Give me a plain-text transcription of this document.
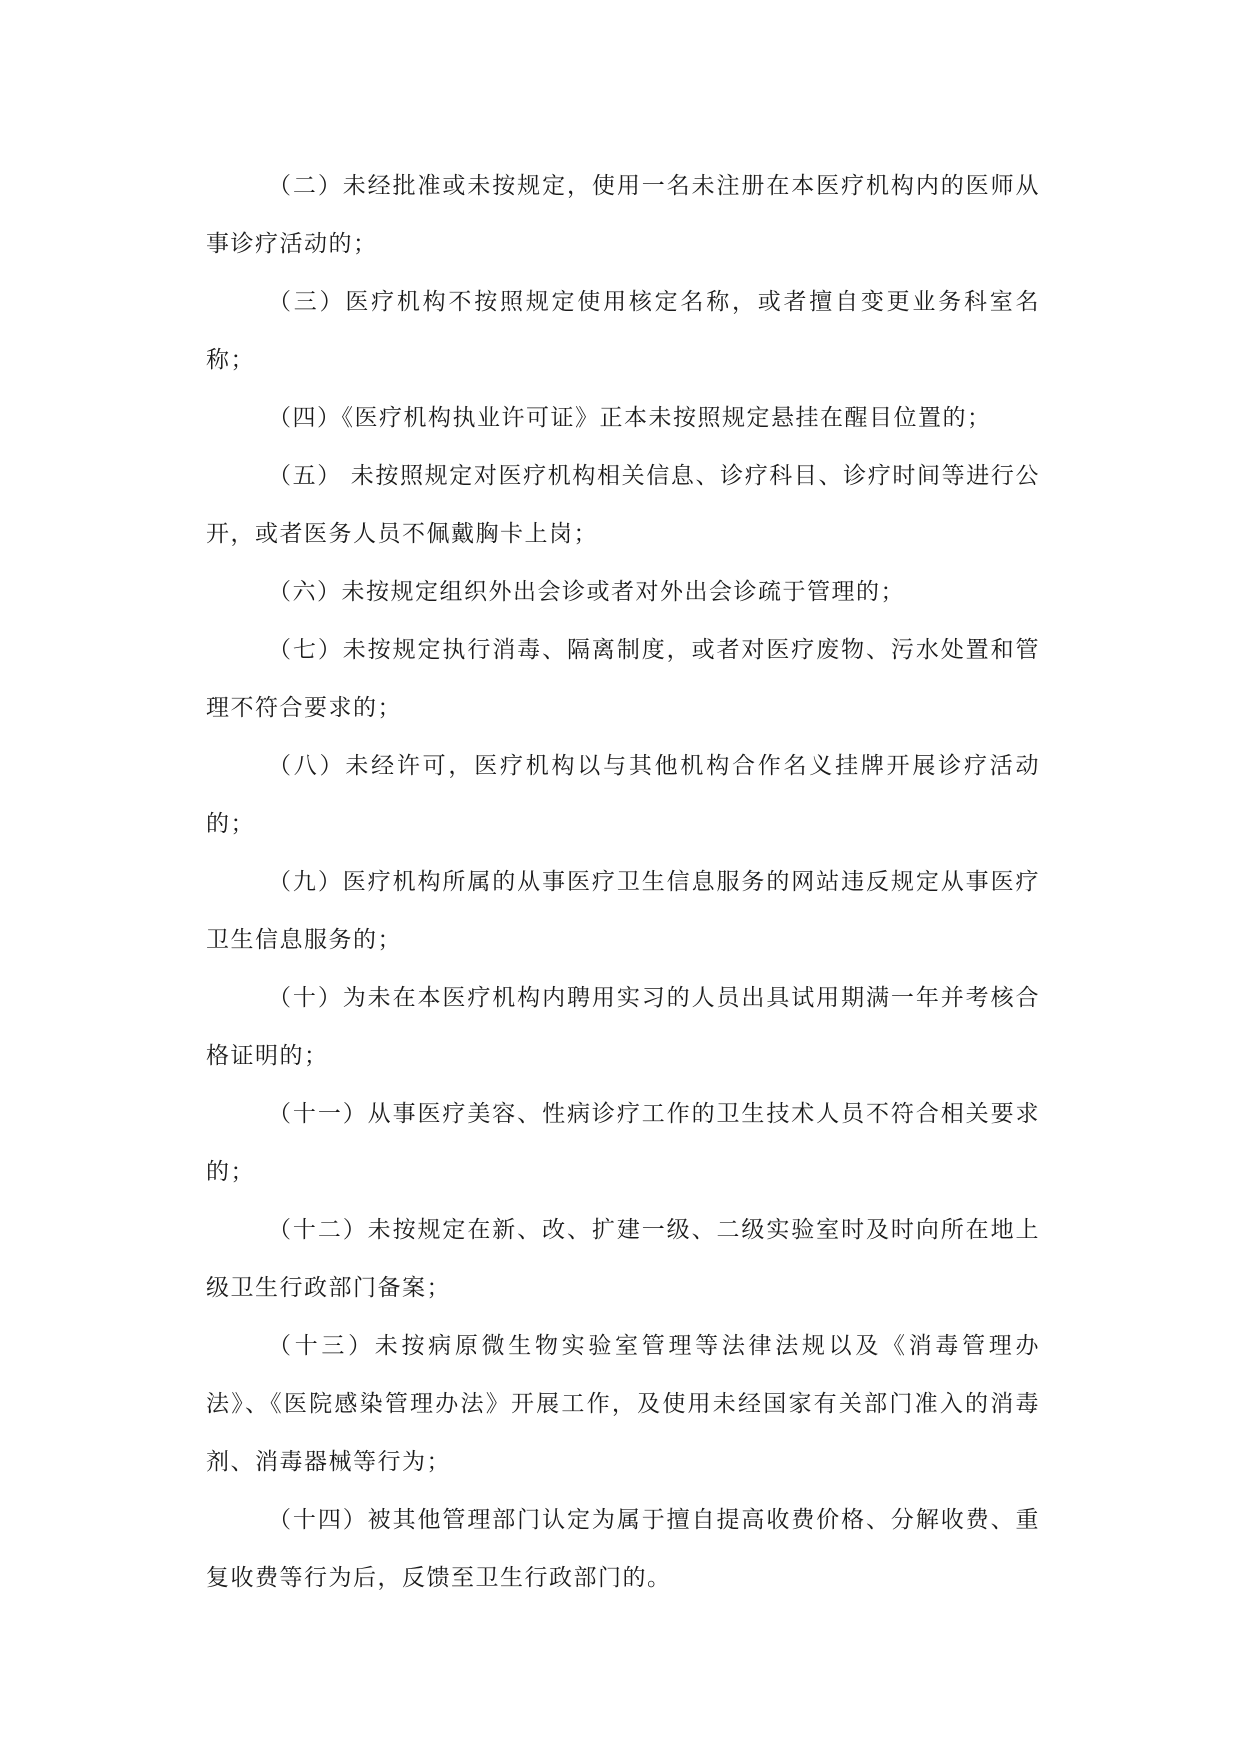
（二）未经批准或未按规定，使用一名未注册在本医疗机构内的医师从事诊疗活动的；

（三）医疗机构不按照规定使用核定名称，或者擅自变更业务科室名称；

（四）《医疗机构执业许可证》正本未按照规定悬挂在醒目位置的；

（五） 未按照规定对医疗机构相关信息、诊疗科目、诊疗时间等进行公开，或者医务人员不佩戴胸卡上岗；

（六）未按规定组织外出会诊或者对外出会诊疏于管理的；

（七）未按规定执行消毒、隔离制度，或者对医疗废物、污水处置和管理不符合要求的；

（八）未经许可，医疗机构以与其他机构合作名义挂牌开展诊疗活动的；

（九）医疗机构所属的从事医疗卫生信息服务的网站违反规定从事医疗卫生信息服务的；

（十）为未在本医疗机构内聘用实习的人员出具试用期满一年并考核合格证明的；

（十一）从事医疗美容、性病诊疗工作的卫生技术人员不符合相关要求的；

（十二）未按规定在新、改、扩建一级、二级实验室时及时向所在地上级卫生行政部门备案；

（十三）未按病原微生物实验室管理等法律法规以及《消毒管理办法》、《医院感染管理办法》开展工作，及使用未经国家有关部门准入的消毒剂、消毒器械等行为；

（十四）被其他管理部门认定为属于擅自提高收费价格、分解收费、重复收费等行为后，反馈至卫生行政部门的。
